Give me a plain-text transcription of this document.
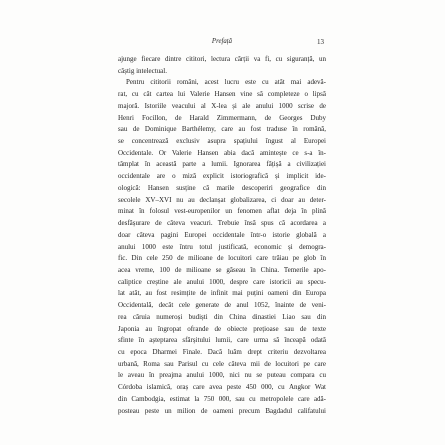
Prefață	13
ajunge fiecare dintre cititori, lectura cărții va fi, cu siguranță, un
câștig intelectual.
Pentru cititorii români, acest lucru este cu atât mai adevă-
rat, cu cât cartea lui Valerie Hansen vine să completeze o lipsă
majoră. Istoriile veacului al X-lea și ale anului 1000 scrise de
Henri Focillon, de Harald Zimmermann, de Georges Duby
sau de Dominique Barthélemy, care au fost traduse în română,
se concentrează exclusiv asupra spațiului îngust al Europei
Occidentale. Or Valerie Hansen abia dacă amintește ce s-a în-
tâmplat în această parte a lumii. Ignorarea fățișă a civilizației
occidentale are o miză explicit istoriografică și implicit ide-
ologică: Hansen susține că marile descoperiri geografice din
secolele XV–XVI nu au declanșat globalizarea, ci doar au deter-
minat în folosul vest-europenilor un fenomen aflat deja în plină
desfășurare de câteva veacuri. Trebuie însă spus că acordarea a
doar câteva pagini Europei occidentale într-o istorie globală a
anului 1000 este întru totul justificată, economic și demogra-
fic. Din cele 250 de milioane de locuitori care trăiau pe glob în
acea vreme, 100 de milioane se găseau în China. Temerile apo-
caliptice creștine ale anului 1000, despre care istoricii au specu-
lat atât, au fost resimțite de infinit mai puțini oameni din Europa
Occidentală, decât cele generate de anul 1052, înainte de veni-
rea căruia numeroși budiști din China dinastiei Liao sau din
Japonia au îngropat ofrande de obiecte prețioase sau de texte
sfinte în așteptarea sfârșitului lumii, care urma să înceapă odată
cu epoca Dharmei Finale. Dacă luăm drept criteriu dezvoltarea
urbană, Roma sau Parisul cu cele câteva mii de locuitori pe care
le aveau în preajma anului 1000, nici nu se puteau compara cu
Córdoba islamică, oraș care avea peste 450 000, cu Angkor Wat
din Cambodgia, estimat la 750 000, sau cu metropolele care adă-
posteau peste un milion de oameni precum Bagdadul califatului
